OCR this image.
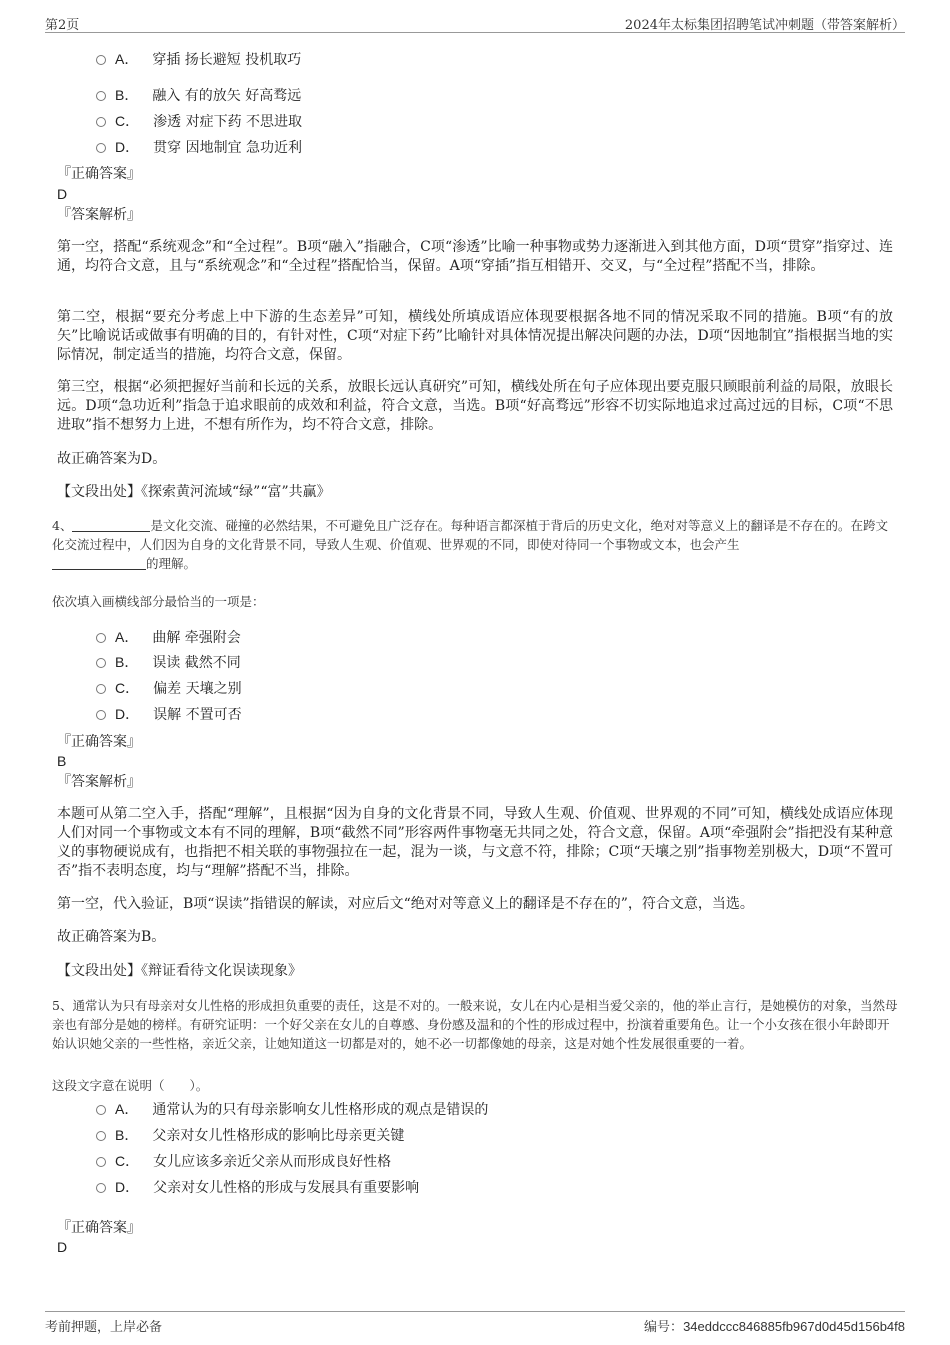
第2页	2024年太标集团招聘笔试冲刺题（带答案解析）
A． 穿插 扬长避短 投机取巧
B． 融入 有的放矢 好高骛远
C． 渗透 对症下药 不思进取
D． 贯穿 因地制宜 急功近利
『正确答案』
D
『答案解析』
第一空，搭配“系统观念”和“全过程”。B项“融入”指融合，C项“渗透”比喻一种事物或势力逐渐进入到其他方面，D项“贯穿”指穿过、连通，均符合文意，且与“系统观念”和“全过程”搭配恰当，保留。A项“穿插”指互相错开、交叉，与“全过程”搭配不当，排除。
第二空，根据“要充分考虑上中下游的生态差异”可知，横线处所填成语应体现要根据各地不同的情况采取不同的措施。B项“有的放矢”比喻说话或做事有明确的目的，有针对性，C项“对症下药”比喻针对具体情况提出解决问题的办法，D项“因地制宜”指根据当地的实际情况，制定适当的措施，均符合文意，保留。
第三空，根据“必须把握好当前和长远的关系，放眼长远认真研究”可知，横线处所在句子应体现出要克服只顾眼前利益的局限，放眼长远。D项“急功近利”指急于追求眼前的成效和利益，符合文意，当选。B项“好高骛远”形容不切实际地追求过高过远的目标，C项“不思进取”指不想努力上进，不想有所作为，均不符合文意，排除。
故正确答案为D。
【文段出处】《探索黄河流域“绿”“富”共赢》
4、	是文化交流、碰撞的必然结果，不可避免且广泛存在。每种语言都深植于背后的历史文化，绝对对等意义上的翻译是不存在的。在跨文化交流过程中，人们因为自身的文化背景不同，导致人生观、价值观、世界观的不同，即使对待同一个事物或文本，也会产生
的理解。
依次填入画横线部分最恰当的一项是：
A． 曲解 牵强附会
B． 误读 截然不同
C． 偏差 天壤之别
D． 误解 不置可否
『正确答案』
B
『答案解析』
本题可从第二空入手，搭配“理解”，且根据“因为自身的文化背景不同，导致人生观、价值观、世界观的不同”可知，横线处成语应体现人们对同一个事物或文本有不同的理解，B项“截然不同”形容两件事物毫无共同之处，符合文意，保留。A项“牵强附会”指把没有某种意义的事物硬说成有，也指把不相关联的事物强拉在一起，混为一谈，与文意不符，排除；C项“天壤之别”指事物差别极大，D项“不置可否”指不表明态度，均与“理解”搭配不当，排除。
第一空，代入验证，B项“误读”指错误的解读，对应后文“绝对对等意义上的翻译是不存在的”，符合文意，当选。
故正确答案为B。
【文段出处】《辩证看待文化误读现象》
5、通常认为只有母亲对女儿性格的形成担负重要的责任，这是不对的。一般来说，女儿在内心是相当爱父亲的，他的举止言行，是她模仿的对象，当然母亲也有部分是她的榜样。有研究证明：一个好父亲在女儿的自尊感、身份感及温和的个性的形成过程中，扮演着重要角色。让一个小女孩在很小年龄即开始认识她父亲的一些性格，亲近父亲，让她知道这一切都是对的，她不必一切都像她的母亲，这是对她个性发展很重要的一着。
这段文字意在说明（　　）。
A． 通常认为的只有母亲影响女儿性格形成的观点是错误的
B． 父亲对女儿性格形成的影响比母亲更关键
C． 女儿应该多亲近父亲从而形成良好性格
D． 父亲对女儿性格的形成与发展具有重要影响
『正确答案』
D
考前押题，上岸必备	编号：34eddccc846885fb967d0d45d156b4f8
